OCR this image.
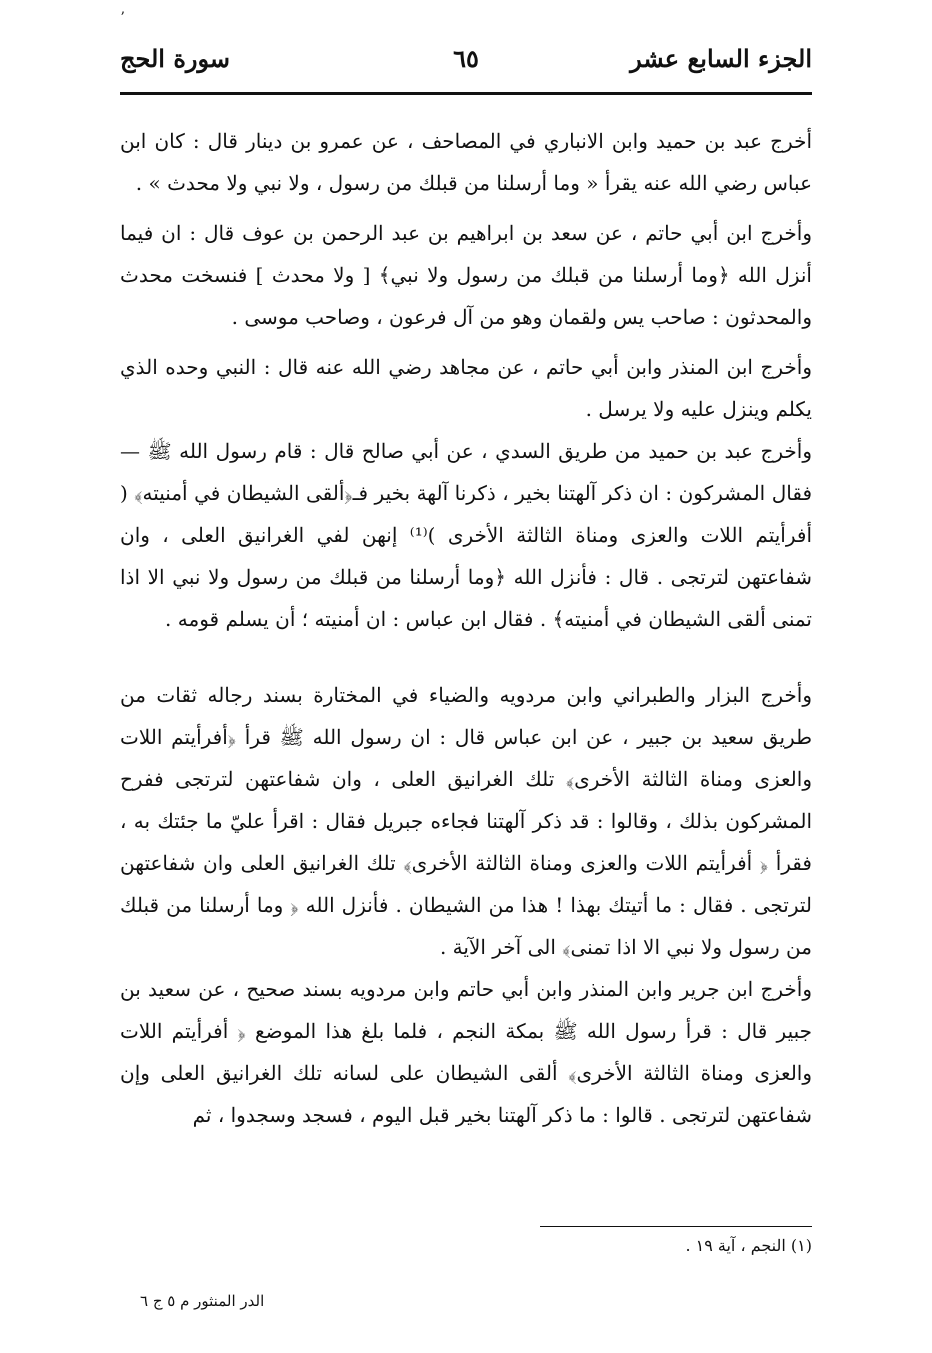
ʼ
الجزء السابع عشر
٦٥
سورة الحج

أخرج عبد بن حميد وابن الانباري في المصاحف ، عن عمرو بن دينار قال : كان ابن عباس رضي الله عنه يقرأ « وما أرسلنا من قبلك من رسول ، ولا نبي ولا محدث » .

وأخرج ابن أبي حاتم ، عن سعد بن ابراهيم بن عبد الرحمن بن عوف قال : ان فيما أنزل الله ﴿وما أرسلنا من قبلك من رسول ولا نبي﴾ [ ولا محدث ] فنسخت محدث والمحدثون : صاحب يس ولقمان وهو من آل فرعون ، وصاحب موسى .

وأخرج ابن المنذر وابن أبي حاتم ، عن مجاهد رضي الله عنه قال : النبي وحده الذي يكلم وينزل عليه ولا يرسل .

وأخرج عبد بن حميد من طريق السدي ، عن أبي صالح قال : قام رسول الله ﷺ — فقال المشركون : ان ذكر آلهتنا بخير ، ذكرنا آلهة بخير فـ﴿ألقى الشيطان في أمنيته﴾ ( أفرأيتم اللات والعزى ومناة الثالثة الأخرى )⁽¹⁾ إنهن لفي الغرانيق العلى ، وان شفاعتهن لترتجى . قال : فأنزل الله ﴿وما أرسلنا من قبلك من رسول ولا نبي الا اذا تمنى ألقى الشيطان في أمنيته﴾ . فقال ابن عباس : ان أمنيته ؛ أن يسلم قومه .

وأخرج البزار والطبراني وابن مردويه والضياء في المختارة بسند رجاله ثقات من طريق سعيد بن جبير ، عن ابن عباس قال : ان رسول الله ﷺ قرأ ﴿أفرأيتم اللات والعزى ومناة الثالثة الأخرى﴾ تلك الغرانيق العلى ، وان شفاعتهن لترتجى ففرح المشركون بذلك ، وقالوا : قد ذكر آلهتنا فجاءه جبريل فقال : اقرأ عليّ ما جئتك به ، فقرأ ﴿ أفرأيتم اللات والعزى ومناة الثالثة الأخرى﴾ تلك الغرانيق العلى وان شفاعتهن لترتجى . فقال : ما أتيتك بهذا ! هذا من الشيطان . فأنزل الله ﴿ وما أرسلنا من قبلك من رسول ولا نبي الا اذا تمنى﴾ الى آخر الآية .

وأخرج ابن جرير وابن المنذر وابن أبي حاتم وابن مردويه بسند صحيح ، عن سعيد بن جبير قال : قرأ رسول الله ﷺ بمكة النجم ، فلما بلغ هذا الموضع ﴿ أفرأيتم اللات والعزى ومناة الثالثة الأخرى﴾ ألقى الشيطان على لسانه تلك الغرانيق العلى وإن شفاعتهن لترتجى . قالوا : ما ذكر آلهتنا بخير قبل اليوم ، فسجد وسجدوا ، ثم

(١) النجم ، آية ١٩ .
الدر المنثور م ٥ ج ٦
